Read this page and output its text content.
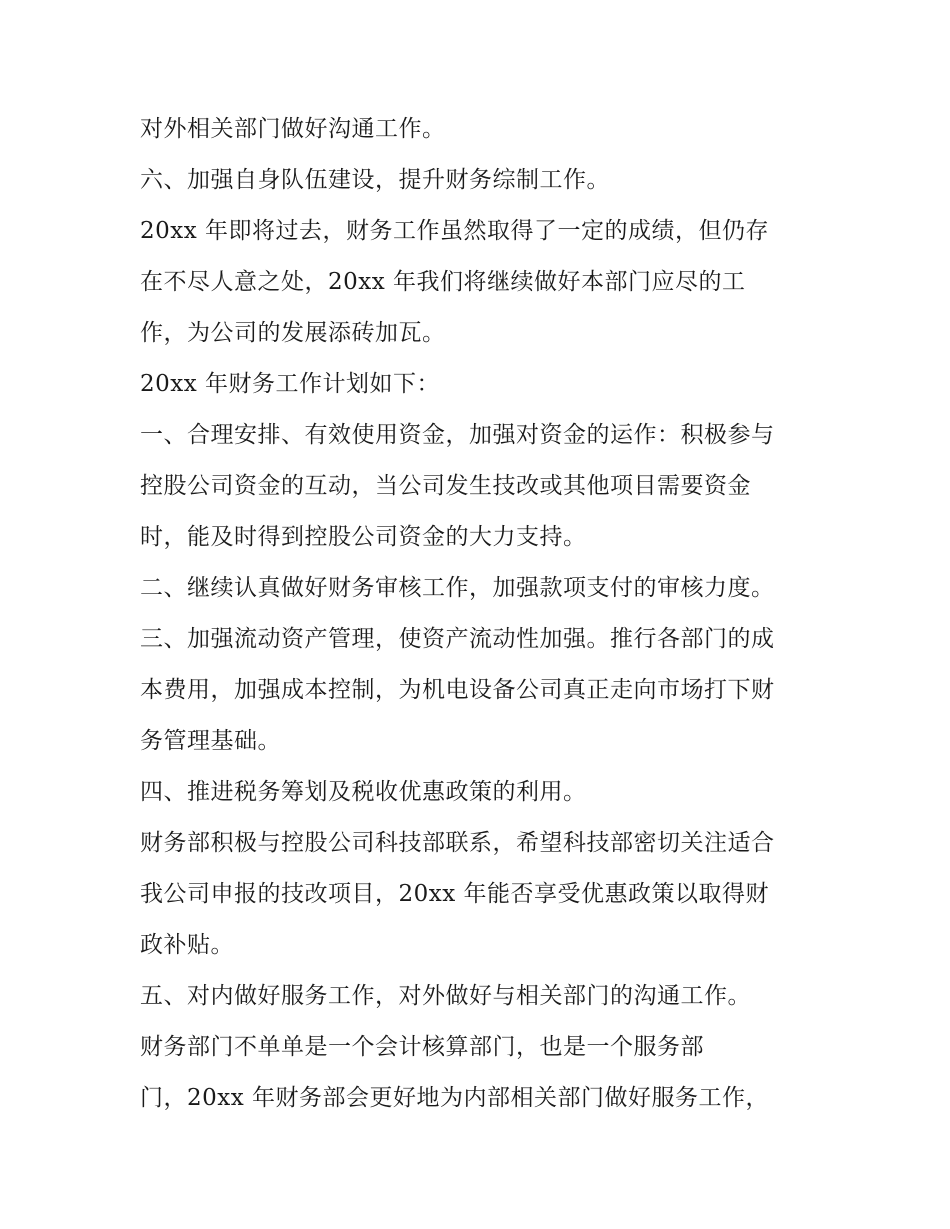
对外相关部门做好沟通工作。
六、加强自身队伍建设，提升财务综制工作。
20xx 年即将过去，财务工作虽然取得了一定的成绩，但仍存
在不尽人意之处，20xx 年我们将继续做好本部门应尽的工
作，为公司的发展添砖加瓦。
20xx 年财务工作计划如下：
一、合理安排、有效使用资金，加强对资金的运作：积极参与
控股公司资金的互动，当公司发生技改或其他项目需要资金
时，能及时得到控股公司资金的大力支持。
二、继续认真做好财务审核工作，加强款项支付的审核力度。
三、加强流动资产管理，使资产流动性加强。推行各部门的成
本费用，加强成本控制，为机电设备公司真正走向市场打下财
务管理基础。
四、推进税务筹划及税收优惠政策的利用。
财务部积极与控股公司科技部联系，希望科技部密切关注适合
我公司申报的技改项目，20xx 年能否享受优惠政策以取得财
政补贴。
五、对内做好服务工作，对外做好与相关部门的沟通工作。
财务部门不单单是一个会计核算部门，也是一个服务部
门，20xx 年财务部会更好地为内部相关部门做好服务工作，
